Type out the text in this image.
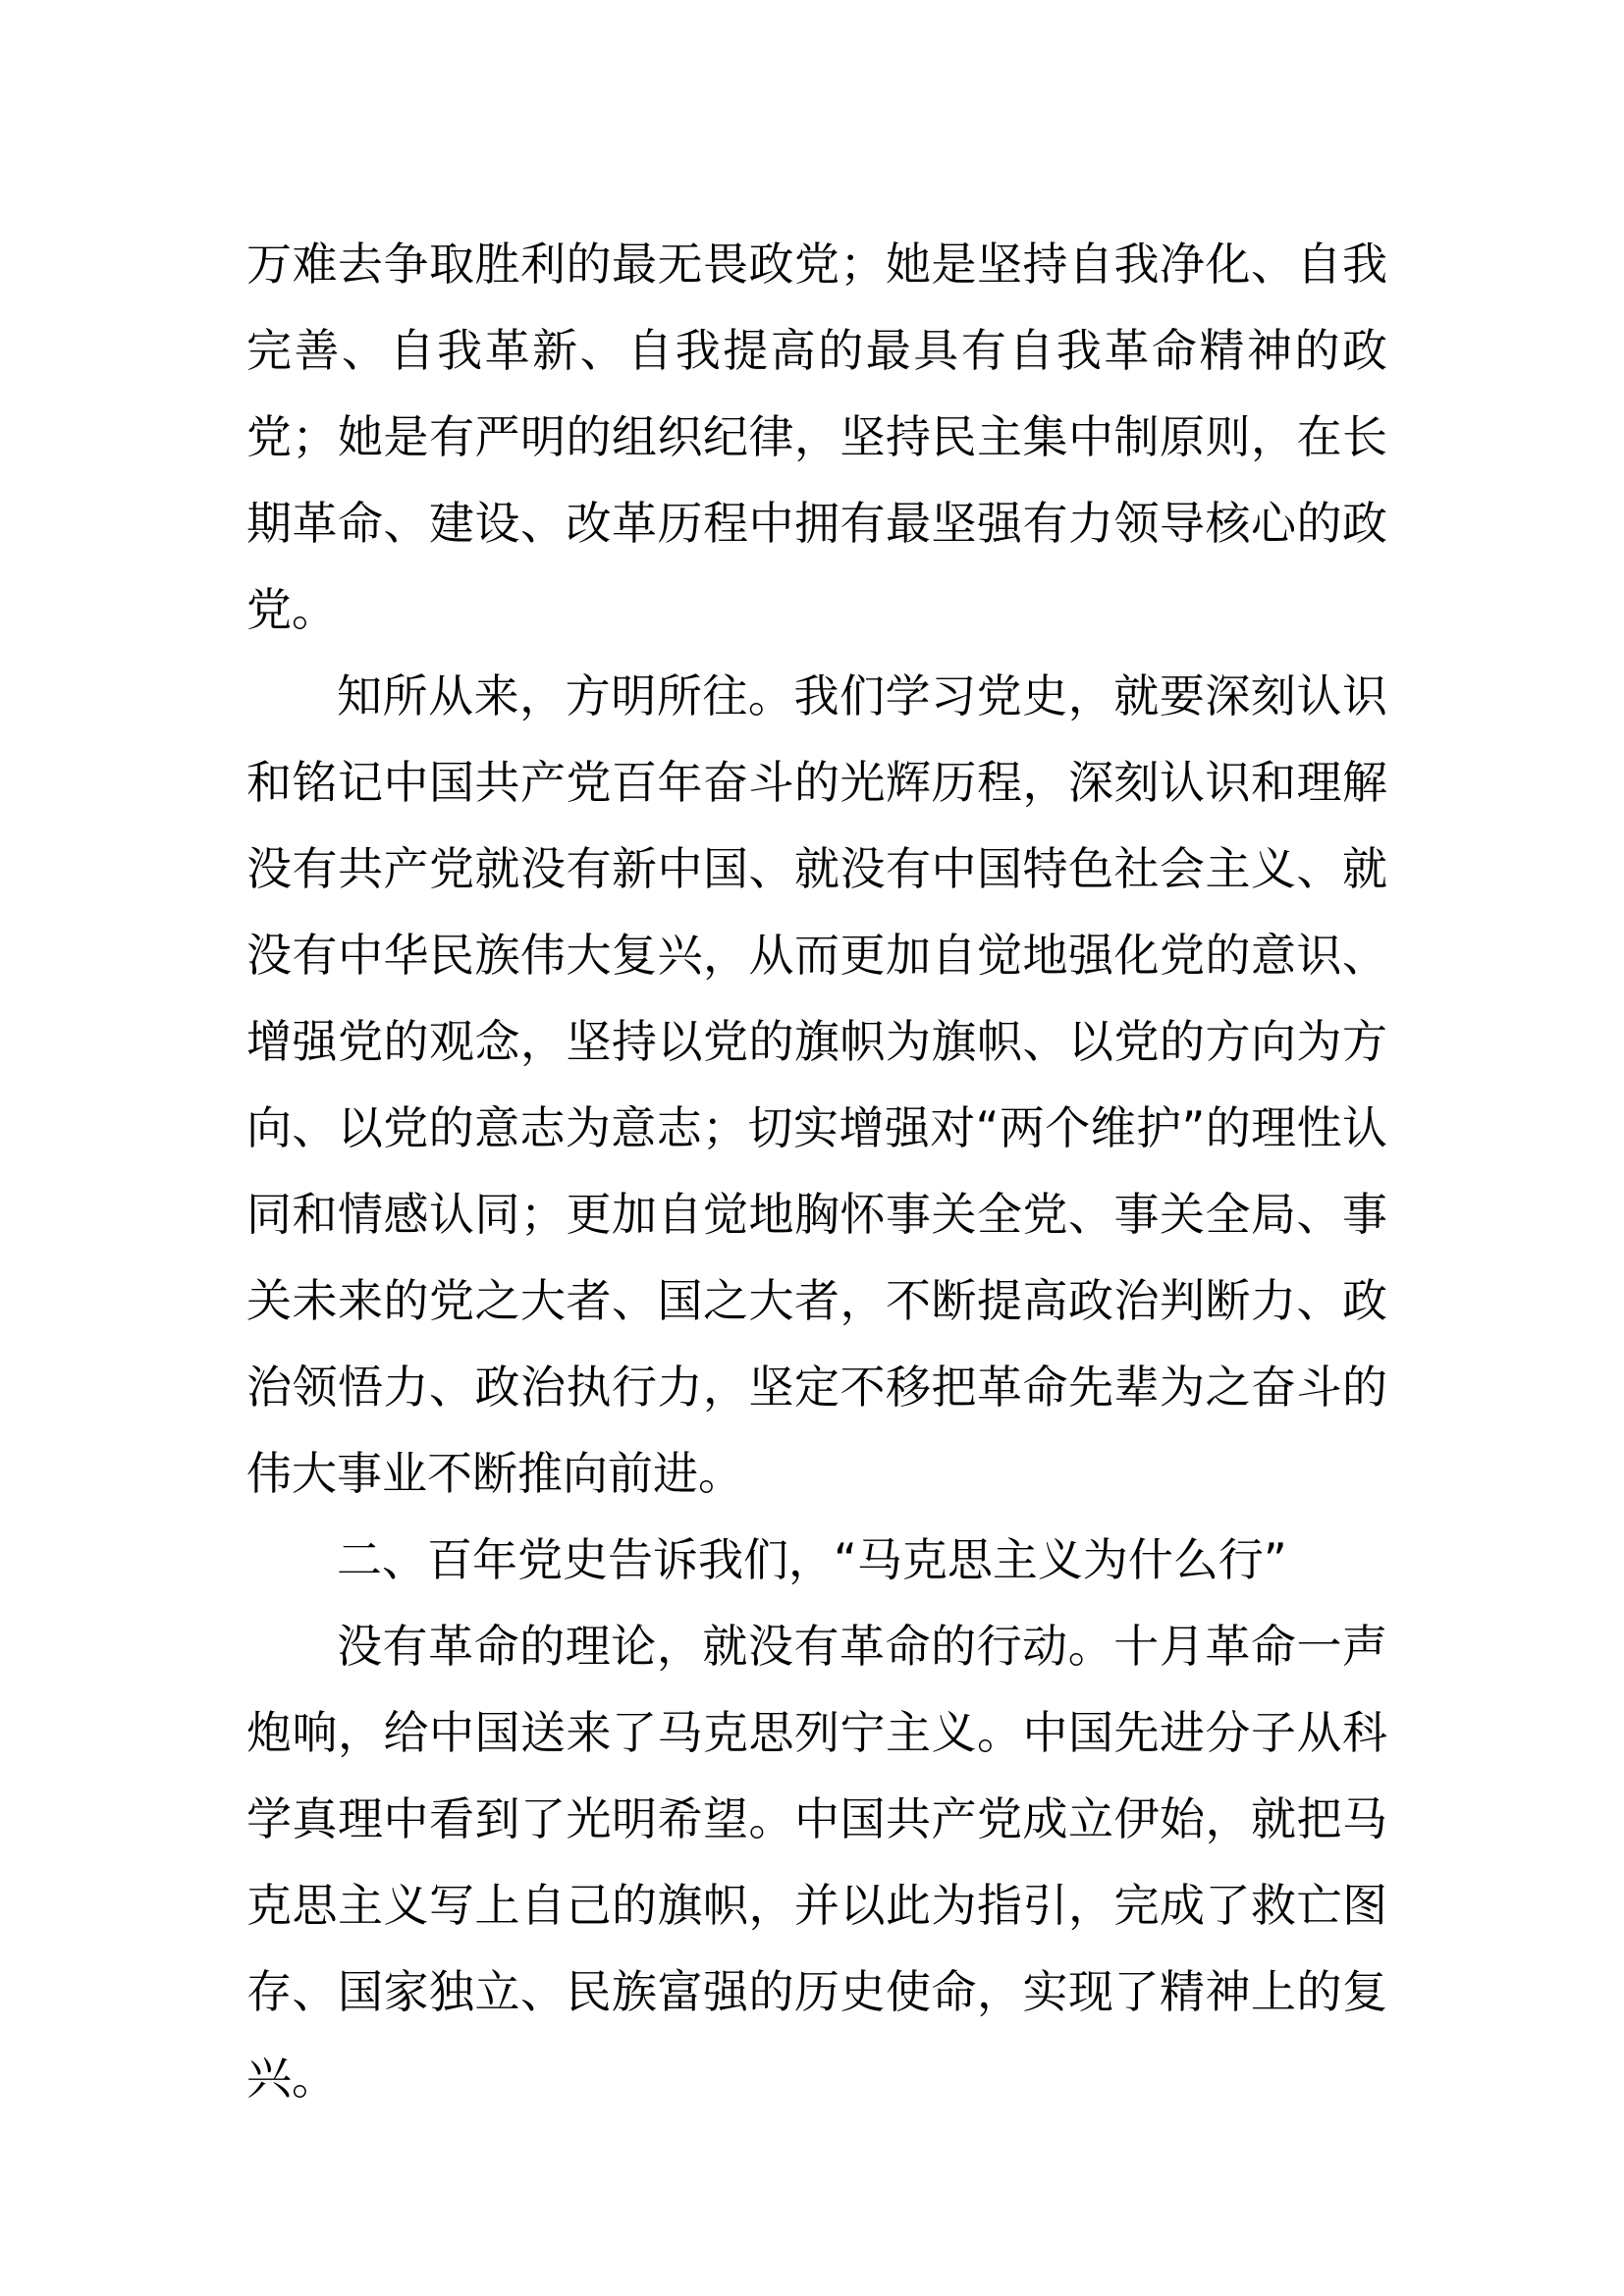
万难去争取胜利的最无畏政党；她是坚持自我净化、自我完善、自我革新、自我提高的最具有自我革命精神的政党；她是有严明的组织纪律，坚持民主集中制原则，在长期革命、建设、改革历程中拥有最坚强有力领导核心的政党。

知所从来，方明所往。我们学习党史，就要深刻认识和铭记中国共产党百年奋斗的光辉历程，深刻认识和理解没有共产党就没有新中国、就没有中国特色社会主义、就没有中华民族伟大复兴，从而更加自觉地强化党的意识、增强党的观念，坚持以党的旗帜为旗帜、以党的方向为方向、以党的意志为意志；切实增强对“两个维护”的理性认同和情感认同；更加自觉地胸怀事关全党、事关全局、事关未来的党之大者、国之大者，不断提高政治判断力、政治领悟力、政治执行力，坚定不移把革命先辈为之奋斗的伟大事业不断推向前进。

二、百年党史告诉我们，“马克思主义为什么行”

没有革命的理论，就没有革命的行动。十月革命一声炮响，给中国送来了马克思列宁主义。中国先进分子从科学真理中看到了光明希望。中国共产党成立伊始，就把马克思主义写上自己的旗帜，并以此为指引，完成了救亡图存、国家独立、民族富强的历史使命，实现了精神上的复兴。
